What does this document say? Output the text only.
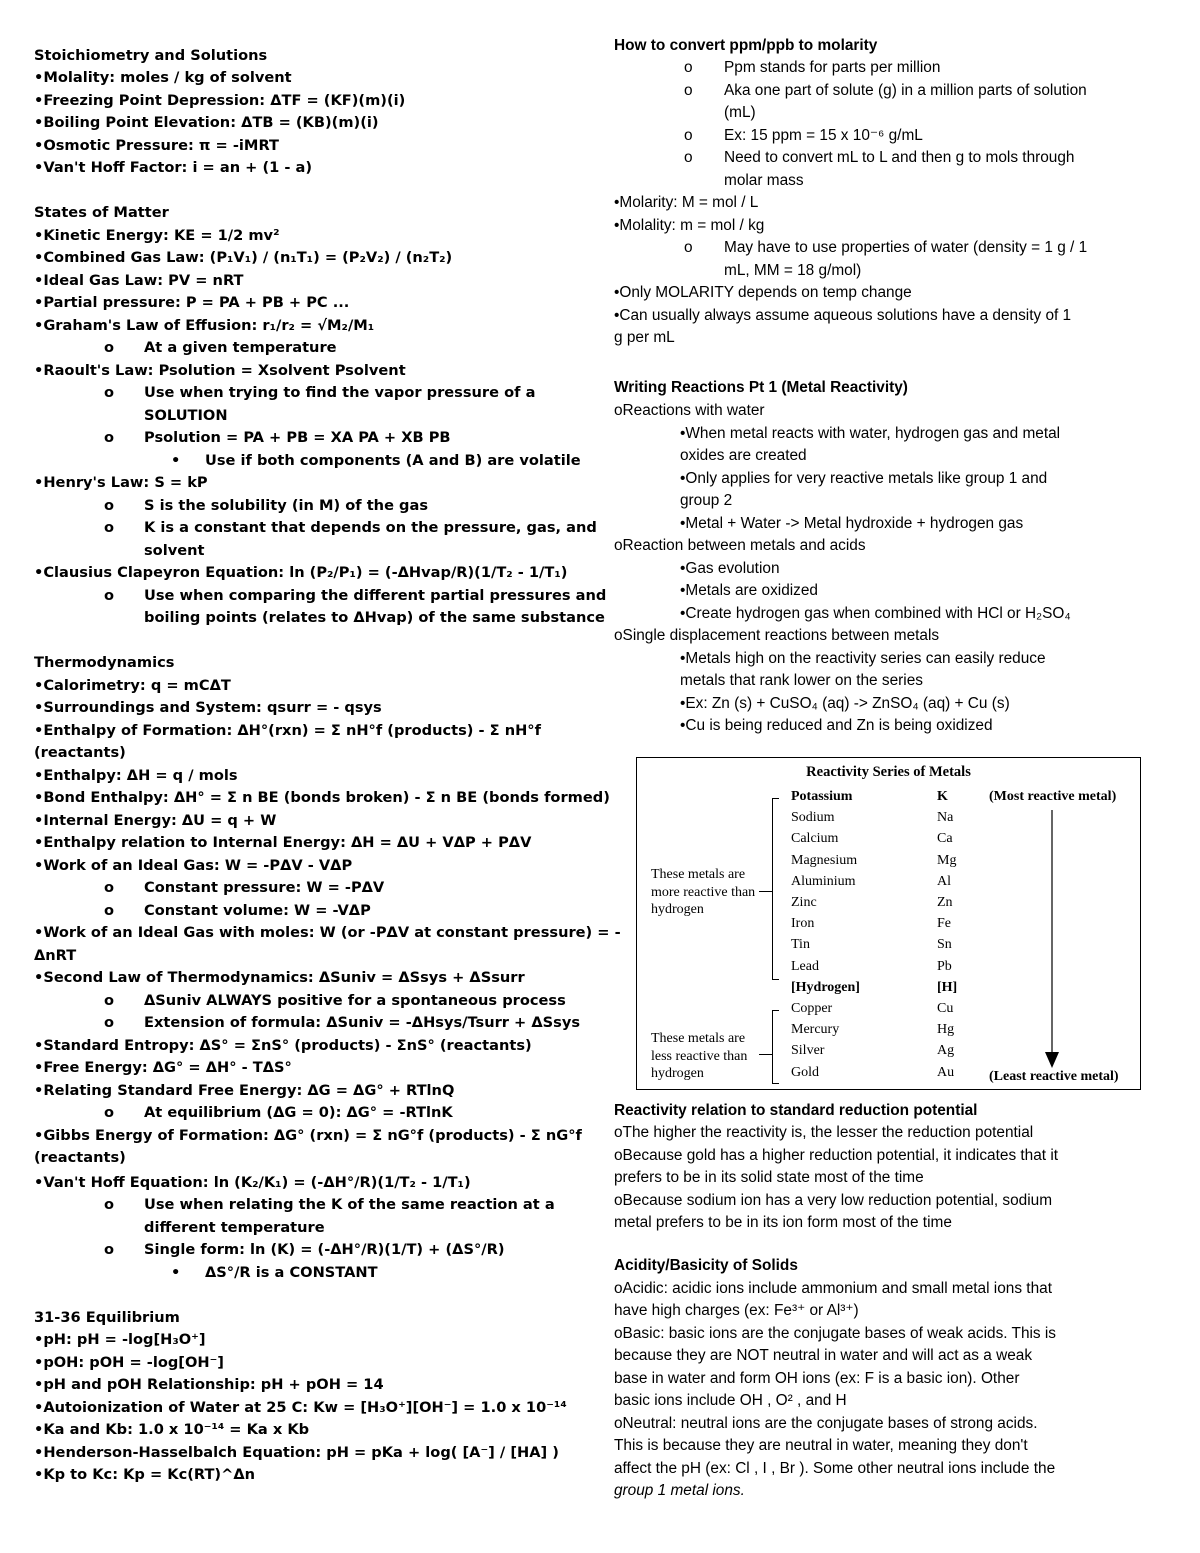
Stoichiometry and Solutions
•Molality: moles / kg of solvent
•Freezing Point Depression: ΔTF = (KF)(m)(i)
•Boiling Point Elevation: ΔTB = (KB)(m)(i)
•Osmotic Pressure: π = -iMRT
•Van't Hoff Factor: i = an + (1 - a)
States of Matter
•Kinetic Energy: KE = 1/2 mv²
•Combined Gas Law: (P₁V₁) / (n₁T₁) = (P₂V₂) / (n₂T₂)
•Ideal Gas Law: PV = nRT
•Partial pressure: P = PA + PB + PC ...
•Graham's Law of Effusion: r₁/r₂ = √M₂/M₁
o At a given temperature
•Raoult's Law: Psolution = Xsolvent Psolvent
o Use when trying to find the vapor pressure of a
SOLUTION
o Psolution = PA + PB = XA PA + XB PB
• Use if both components (A and B) are volatile
•Henry's Law: S = kP
o S is the solubility (in M) of the gas
o K is a constant that depends on the pressure, gas, and
solvent
•Clausius Clapeyron Equation: ln (P₂/P₁) = (-ΔHvap/R)(1/T₂ - 1/T₁)
o Use when comparing the different partial pressures and
boiling points (relates to ΔHvap) of the same substance
Thermodynamics
•Calorimetry: q = mCΔT
•Surroundings and System: qsurr = - qsys
•Enthalpy of Formation: ΔH°(rxn) = Σ nH°f (products) - Σ nH°f
(reactants)
•Enthalpy: ΔH = q / mols
•Bond Enthalpy: ΔH° = Σ n BE (bonds broken) - Σ n BE (bonds formed)
•Internal Energy: ΔU = q + W
•Enthalpy relation to Internal Energy: ΔH = ΔU + VΔP + PΔV
•Work of an Ideal Gas: W = -PΔV - VΔP
o Constant pressure: W = -PΔV
o Constant volume: W = -VΔP
•Work of an Ideal Gas with moles: W (or -PΔV at constant pressure) = -
ΔnRT
•Second Law of Thermodynamics: ΔSuniv = ΔSsys + ΔSsurr
o ΔSuniv ALWAYS positive for a spontaneous process
o Extension of formula: ΔSuniv = -ΔHsys/Tsurr + ΔSsys
•Standard Entropy: ΔS° = ΣnS° (products) - ΣnS° (reactants)
•Free Energy: ΔG° = ΔH° - TΔS°
•Relating Standard Free Energy: ΔG = ΔG° + RTlnQ
o At equilibrium (ΔG = 0): ΔG° = -RTlnK
•Gibbs Energy of Formation: ΔG° (rxn) = Σ nG°f (products) - Σ nG°f
(reactants)
•Van't Hoff Equation: ln (K₂/K₁) = (-ΔH°/R)(1/T₂ - 1/T₁)
o Use when relating the K of the same reaction at a
different temperature
o Single form: ln (K) = (-ΔH°/R)(1/T) + (ΔS°/R)
• ΔS°/R is a CONSTANT
31-36 Equilibrium
•pH: pH = -log[H₃O⁺]
•pOH: pOH = -log[OH⁻]
•pH and pOH Relationship: pH + pOH = 14
•Autoionization of Water at 25 C: Kw = [H₃O⁺][OH⁻] = 1.0 x 10⁻¹⁴
•Ka and Kb: 1.0 x 10⁻¹⁴ = Ka x Kb
•Henderson-Hasselbalch Equation: pH = pKa + log( [A⁻] / [HA] )
•Kp to Kc: Kp = Kc(RT)^Δn
How to convert ppm/ppb to molarity
o Ppm stands for parts per million
o Aka one part of solute (g) in a million parts of solution
(mL)
o Ex: 15 ppm = 15 x 10⁻⁶ g/mL
o Need to convert mL to L and then g to mols through
molar mass
•Molarity: M = mol / L
•Molality: m = mol / kg
o May have to use properties of water (density = 1 g / 1
mL, MM = 18 g/mol)
•Only MOLARITY depends on temp change
•Can usually always assume aqueous solutions have a density of 1
g per mL
Writing Reactions Pt 1 (Metal Reactivity)
oReactions with water
•When metal reacts with water, hydrogen gas and metal
oxides are created
•Only applies for very reactive metals like group 1 and
group 2
•Metal + Water -> Metal hydroxide + hydrogen gas
oReaction between metals and acids
•Gas evolution
•Metals are oxidized
•Create hydrogen gas when combined with HCl or H₂SO₄
oSingle displacement reactions between metals
•Metals high on the reactivity series can easily reduce
metals that rank lower on the series
•Ex: Zn (s) + CuSO₄ (aq) -> ZnSO₄ (aq) + Cu (s)
•Cu is being reduced and Zn is being oxidized
Reactivity relation to standard reduction potential
oThe higher the reactivity is, the lesser the reduction potential
oBecause gold has a higher reduction potential, it indicates that it
prefers to be in its solid state most of the time
oBecause sodium ion has a very low reduction potential, sodium
metal prefers to be in its ion form most of the time
Acidity/Basicity of Solids
oAcidic: acidic ions include ammonium and small metal ions that
have high charges (ex: Fe³⁺ or Al³⁺)
oBasic: basic ions are the conjugate bases of weak acids. This is
because they are NOT neutral in water and will act as a weak
base in water and form OH ions (ex: F is a basic ion). Other
basic ions include OH , O² , and H
oNeutral: neutral ions are the conjugate bases of strong acids.
This is because they are neutral in water, meaning they don't
affect the pH (ex: Cl , I , Br ). Some other neutral ions include the
group 1 metal ions.
Reactivity Series of Metals
(Most reactive metal)
(Least reactive metal)
These metals are more reactive than hydrogen
These metals are less reactive than hydrogen
Potassium	K
Sodium	Na
Calcium	Ca
Magnesium	Mg
Aluminium	Al
Zinc	Zn
Iron	Fe
Tin	Sn
Lead	Pb
[Hydrogen]	[H]
Copper	Cu
Mercury	Hg
Silver	Ag
Gold	Au
